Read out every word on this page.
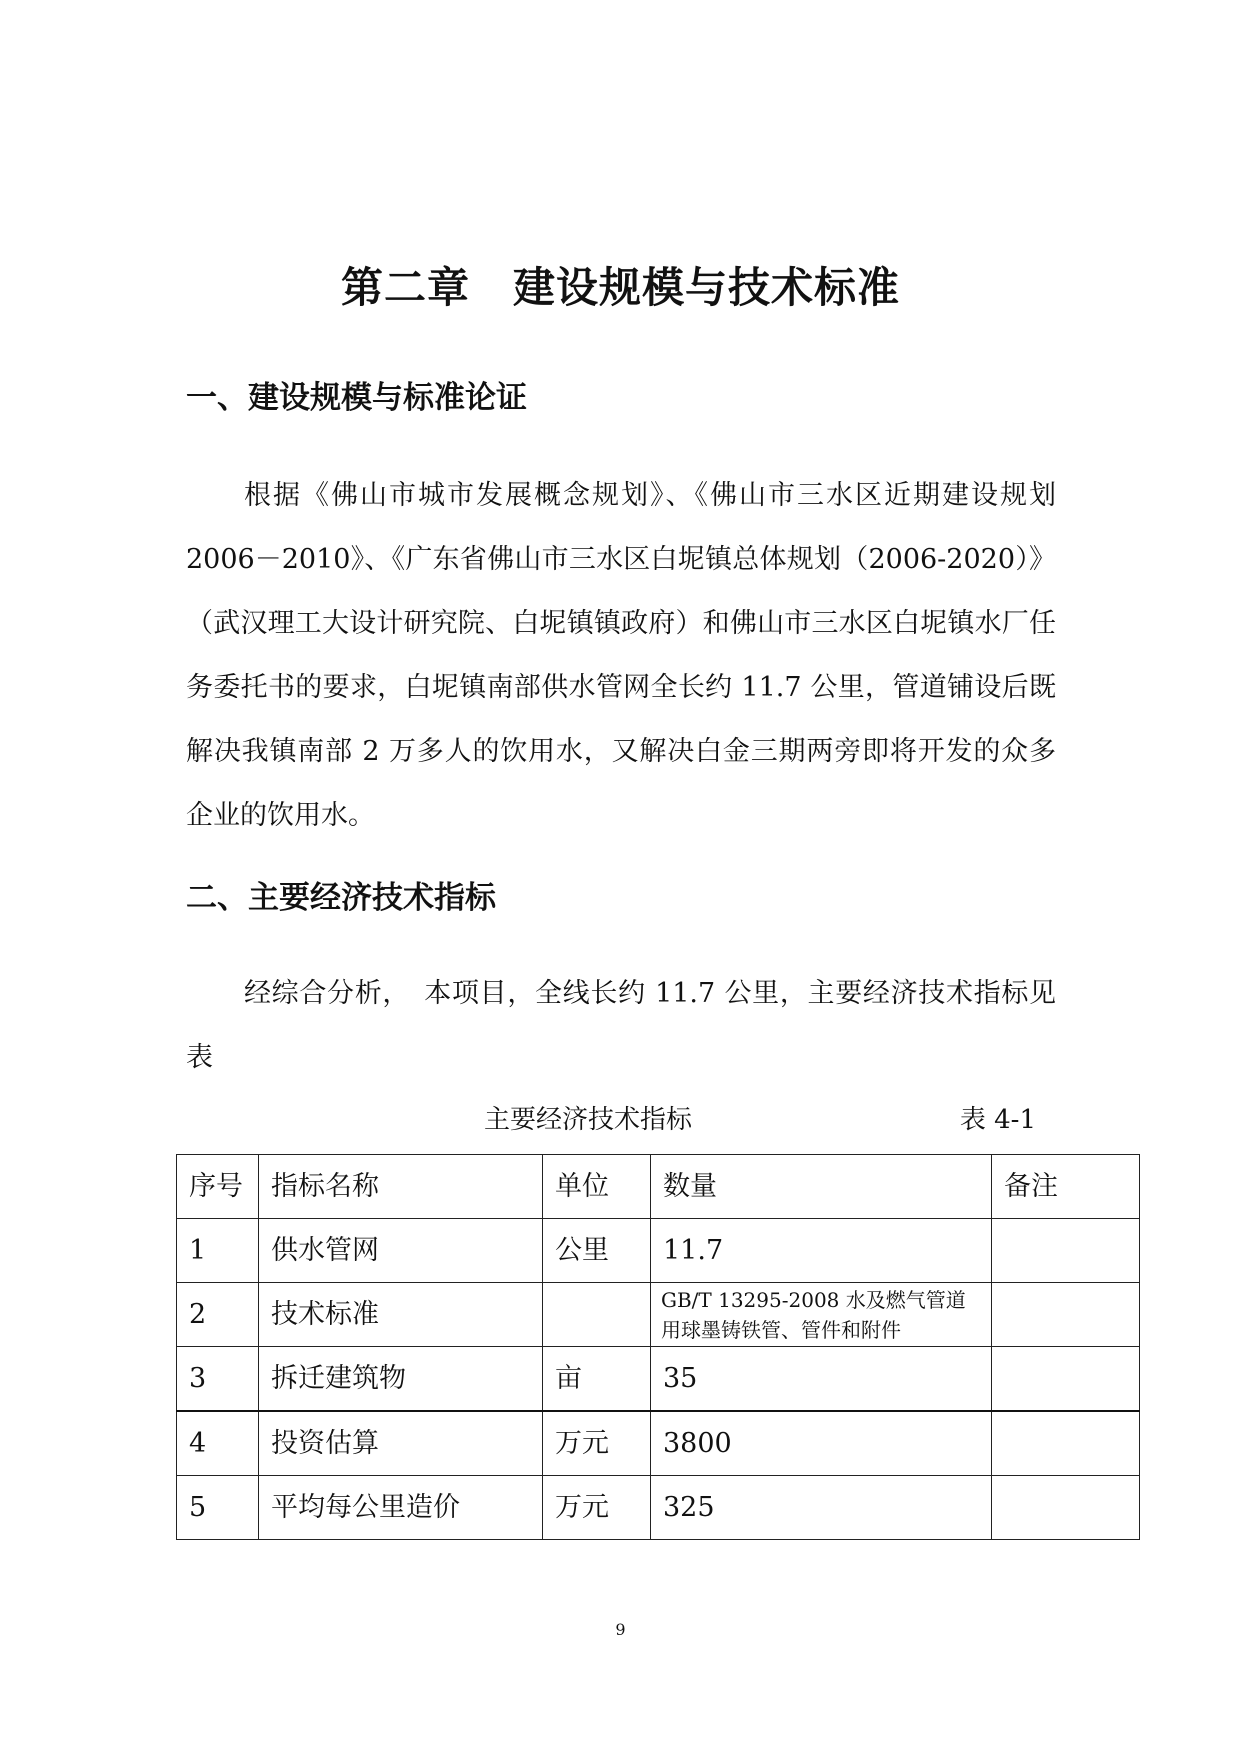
第二章　建设规模与技术标准
一、建设规模与标准论证
根据《佛山市城市发展概念规划》、《佛山市三水区近期建设规划2006－2010》、《广东省佛山市三水区白坭镇总体规划（2006-2020）》（武汉理工大设计研究院、白坭镇镇政府）和佛山市三水区白坭镇水厂任务委托书的要求，白坭镇南部供水管网全长约 11.7 公里，管道铺设后既解决我镇南部 2 万多人的饮用水，又解决白金三期两旁即将开发的众多企业的饮用水。
二、主要经济技术指标
经综合分析，　本项目，全线长约 11.7 公里，主要经济技术指标见表
主要经济技术指标	表 4-1
序号	指标名称	单位	数量	备注
1	供水管网	公里	11.7	
2	技术标准		GB/T 13295-2008 水及燃气管道用球墨铸铁管、管件和附件	
3	拆迁建筑物	亩	35	
4	投资估算	万元	3800	
5	平均每公里造价	万元	325	
9
